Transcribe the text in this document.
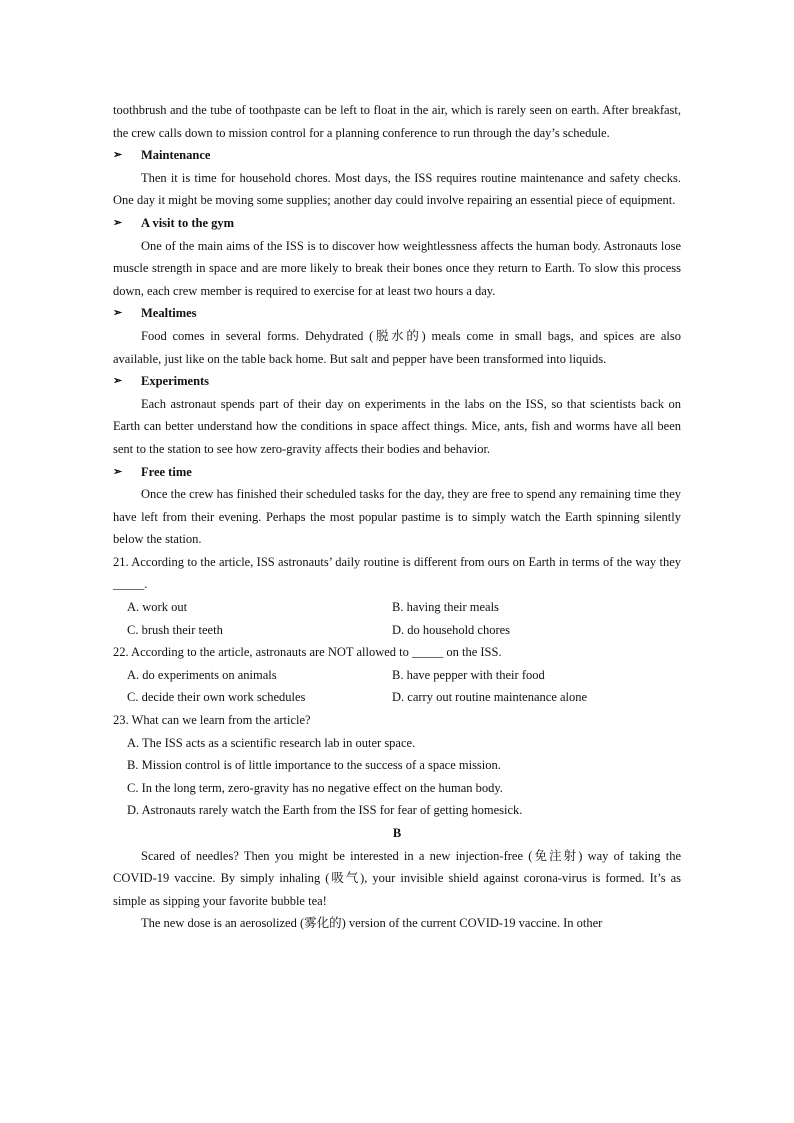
toothbrush and the tube of toothpaste can be left to float in the air, which is rarely seen on earth. After breakfast, the crew calls down to mission control for a planning conference to run through the day’s schedule.

➢ Maintenance

Then it is time for household chores. Most days, the ISS requires routine maintenance and safety checks. One day it might be moving some supplies; another day could involve repairing an essential piece of equipment.

➢ A visit to the gym

One of the main aims of the ISS is to discover how weightlessness affects the human body. Astronauts lose muscle strength in space and are more likely to break their bones once they return to Earth. To slow this process down, each crew member is required to exercise for at least two hours a day.

➢ Mealtimes

Food comes in several forms. Dehydrated (脱水的) meals come in small bags, and spices are also available, just like on the table back home. But salt and pepper have been transformed into liquids.

➢ Experiments

Each astronaut spends part of their day on experiments in the labs on the ISS, so that scientists back on Earth can better understand how the conditions in space affect things. Mice, ants, fish and worms have all been sent to the station to see how zero-gravity affects their bodies and behavior.

➢ Free time

Once the crew has finished their scheduled tasks for the day, they are free to spend any remaining time they have left from their evening. Perhaps the most popular pastime is to simply watch the Earth spinning silently below the station.

21. According to the article, ISS astronauts’ daily routine is different from ours on Earth in terms of the way they _____.

A. work out	B. having their meals

C. brush their teeth	D. do household chores

22. According to the article, astronauts are NOT allowed to _____ on the ISS.

A. do experiments on animals	B. have pepper with their food

C. decide their own work schedules	D. carry out routine maintenance alone

23. What can we learn from the article?

A. The ISS acts as a scientific research lab in outer space.

B. Mission control is of little importance to the success of a space mission.

C. In the long term, zero-gravity has no negative effect on the human body.

D. Astronauts rarely watch the Earth from the ISS for fear of getting homesick.

B

Scared of needles? Then you might be interested in a new injection-free (免注射) way of taking the COVID-19 vaccine. By simply inhaling (吸气), your invisible shield against corona-virus is formed. It’s as simple as sipping your favorite bubble tea!

The new dose is an aerosolized (雾化的) version of the current COVID-19 vaccine. In other
